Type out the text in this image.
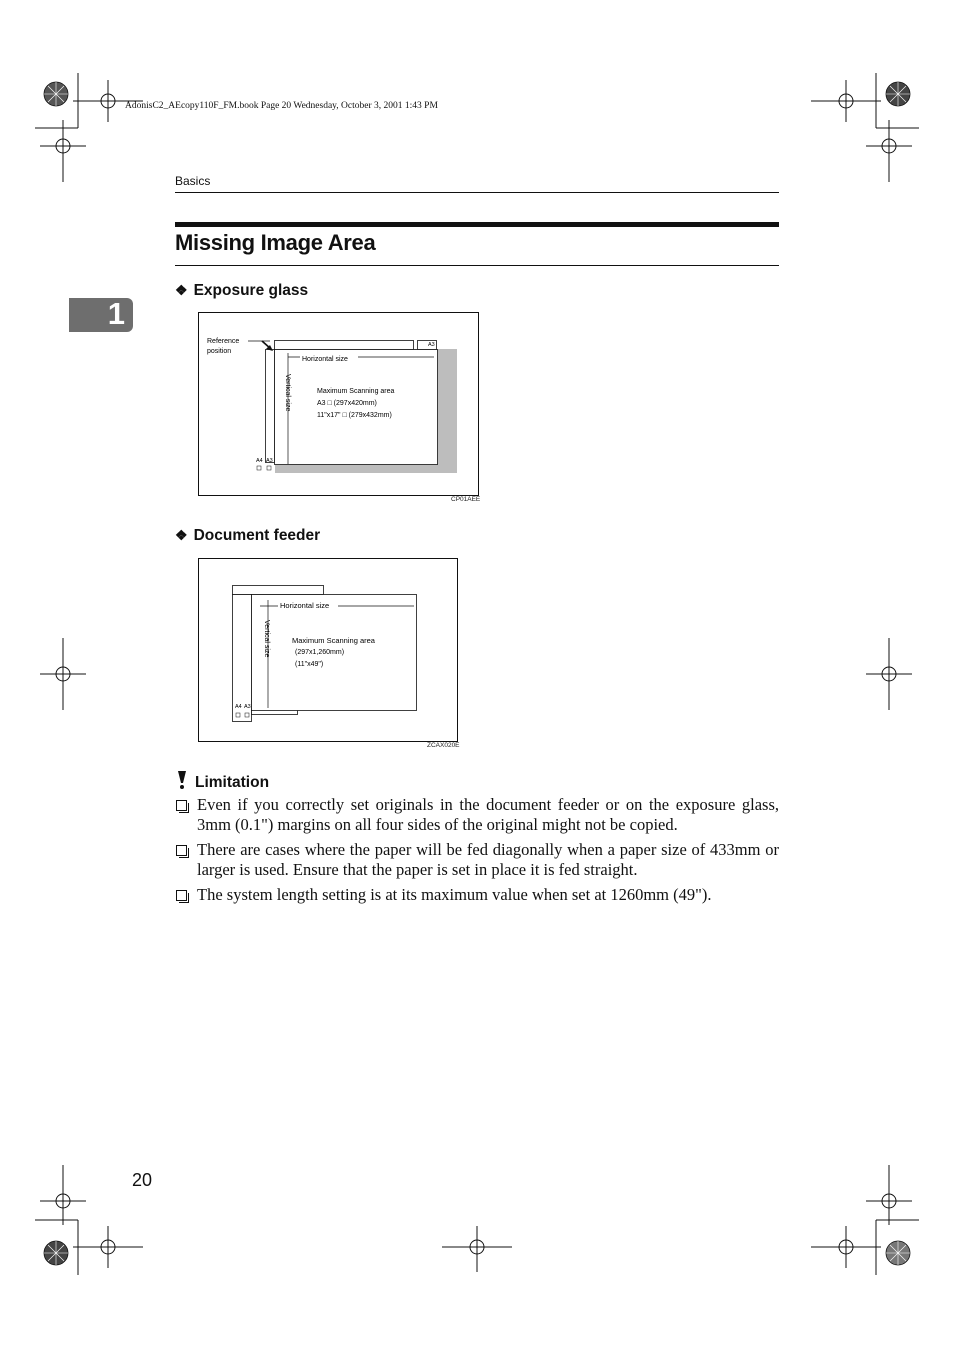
AdonisC2_AEcopy110F_FM.book Page 20 Wednesday, October 3, 2001 1:43 PM
Basics
Missing Image Area
1
❖ Exposure glass
Reference
position
Horizontal size
Vertical size	Maximum Scanning area
A3 □ (297x420mm)
11"x17" □ (279x432mm)
A3
A4 A3
CP01AEE
❖ Document feeder
Horizontal size
Vertical size	Maximum Scanning area
(297x1,260mm)
(11"x49")
A4 A3
ZCAX020E
Limitation
Even if you correctly set originals in the document feeder or on the exposure glass, 3mm (0.1") margins on all four sides of the original might not be copied.
There are cases where the paper will be fed diagonally when a paper size of 433mm or larger is used. Ensure that the paper is set in place it is fed straight.
The system length setting is at its maximum value when set at 1260mm (49").
20
